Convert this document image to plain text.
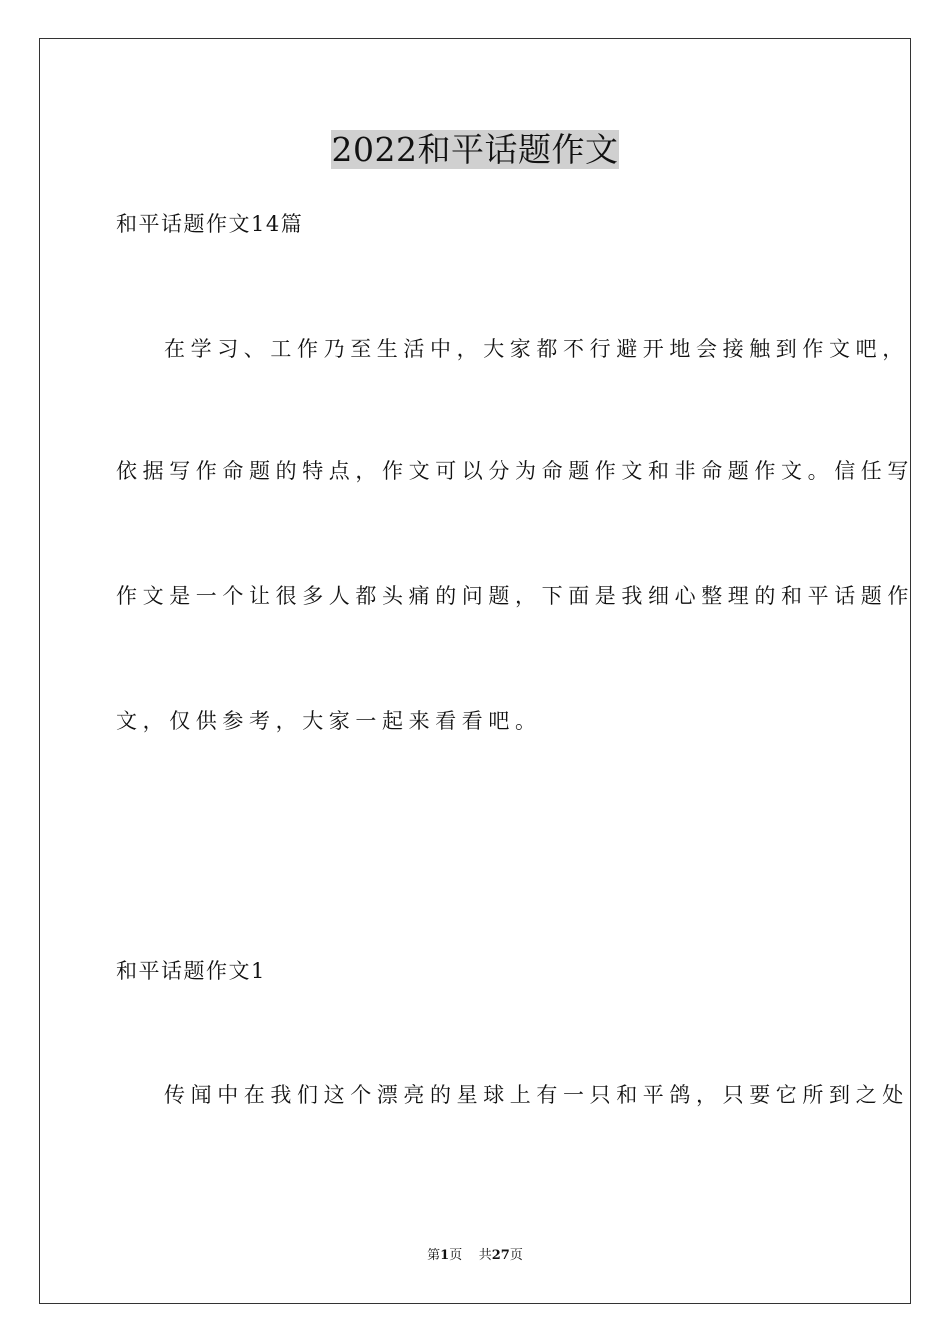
2022和平话题作文

和平话题作文14篇

在学习、工作乃至生活中，大家都不行避开地会接触到作文吧，

依据写作命题的特点，作文可以分为命题作文和非命题作文。信任写

作文是一个让很多人都头痛的问题，下面是我细心整理的和平话题作

文，仅供参考，大家一起来看看吧。

和平话题作文1

传闻中在我们这个漂亮的星球上有一只和平鸽，只要它所到之处

第1页 共27页
